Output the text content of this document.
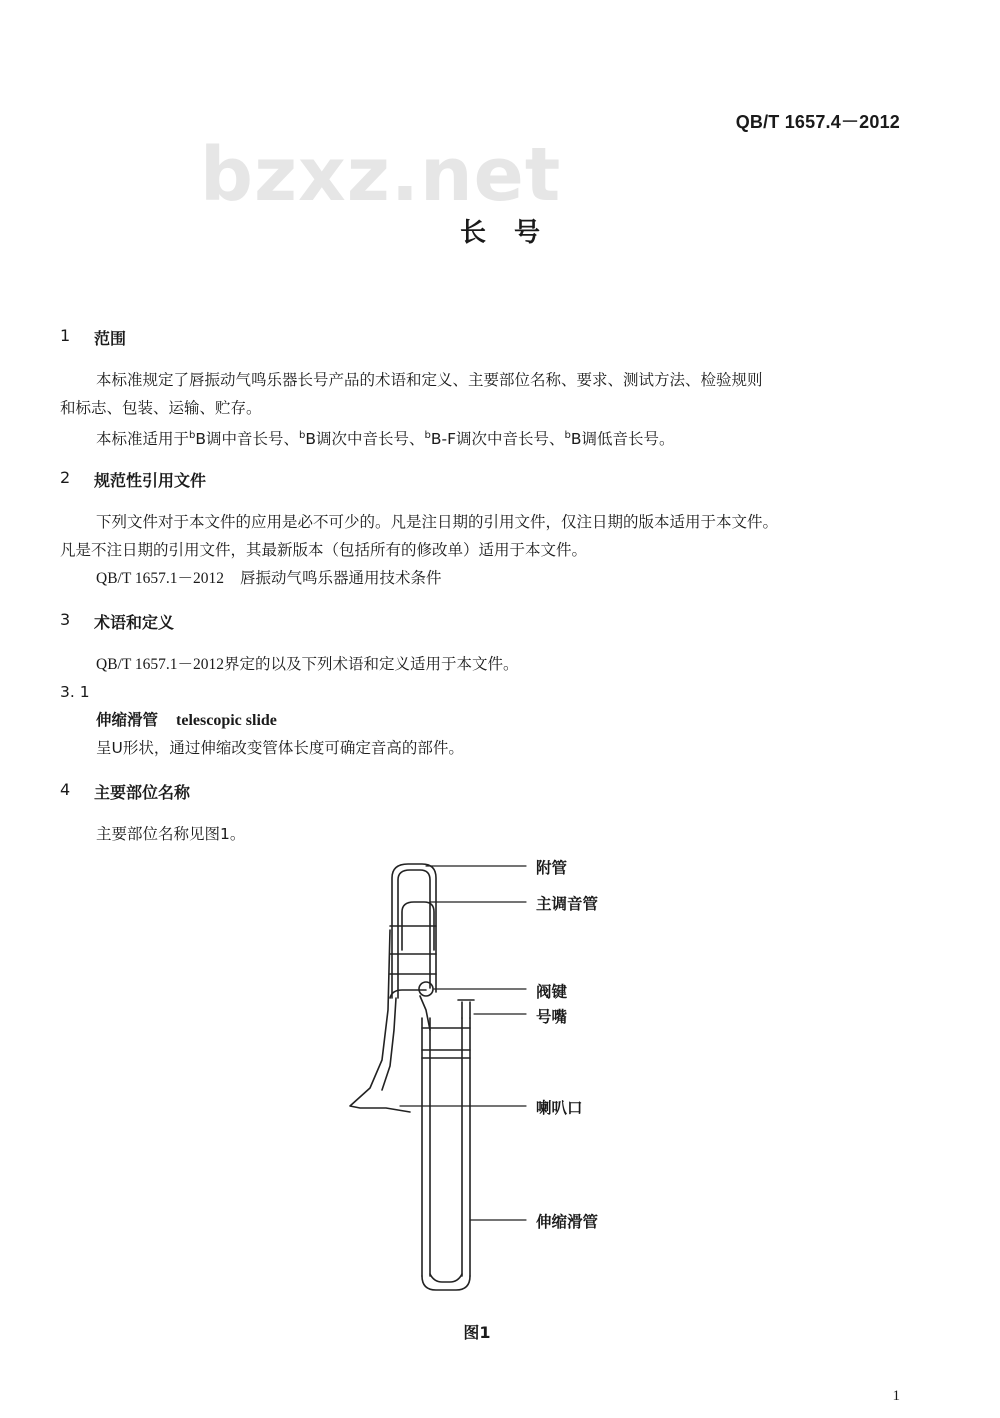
bzxz.net
QB/T 1657.4－2012
长号
1 范围
本标准规定了唇振动气鸣乐器长号产品的术语和定义、主要部位名称、要求、测试方法、检验规则
和标志、包装、运输、贮存。
本标准适用于$^b$B调中音长号、$^b$B调次中音长号、$^b$B-F调次中音长号、$^b$B调低音长号。
2 规范性引用文件
下列文件对于本文件的应用是必不可少的。凡是注日期的引用文件，仅注日期的版本适用于本文件。
凡是不注日期的引用文件，其最新版本（包括所有的修改单）适用于本文件。
QB/T 1657.1－2012 唇振动气鸣乐器通用技术条件
3 术语和定义
QB/T 1657.1－2012界定的以及下列术语和定义适用于本文件。
3. 1
伸缩滑管 telescopic slide
呈U形状，通过伸缩改变管体长度可确定音高的部件。
4 主要部位名称
主要部位名称见图1。
附管
主调音管
阀键
号嘴
喇叭口
伸缩滑管
图1
1
